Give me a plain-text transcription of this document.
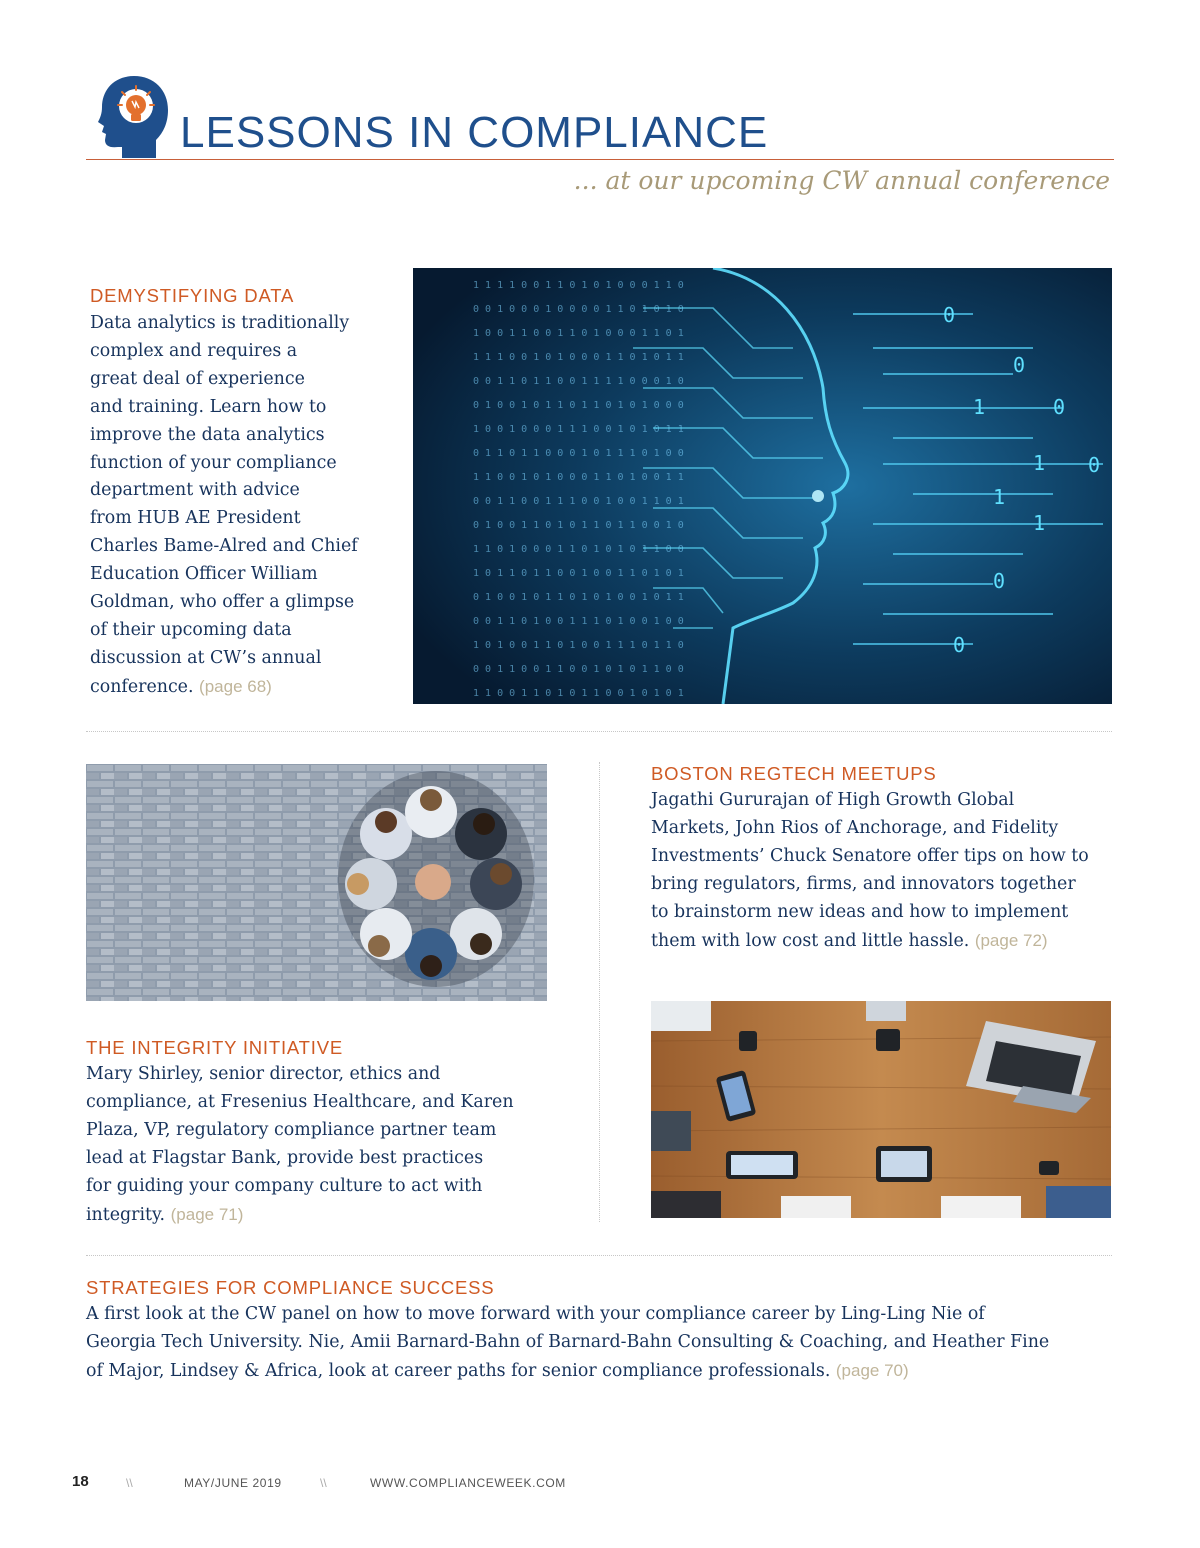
LESSONS IN COMPLIANCE
... at our upcoming CW annual conference
DEMYSTIFYING DATA
Data analytics is traditionally
complex and requires a
great deal of experience
and training. Learn how to
improve the data analytics
function of your compliance
department with advice
from HUB AE President
Charles Bame-Alred and Chief
Education Officer William
Goldman, who offer a glimpse
of their upcoming data
discussion at CW’s annual
conference. (page 68)
1 1 1 1 0 0 1 1 0 1 0 1 0 0 0 1 1 0
0 0 1 0 0 0 1 0 0 0 0 1 1 0 1 0 1 0
1 0 0 1 1 0 0 1 1 0 1 0 0 0 1 1 0 1
1 1 1 0 0 1 0 1 0 0 0 1 1 0 1 0 1 1
0 0 1 1 0 1 1 0 0 1 1 1 1 0 0 0 1 0
0 1 0 0 1 0 1 1 0 1 1 0 1 0 1 0 0 0
1 0 0 1 0 0 0 1 1 1 0 0 1 0 1 0 1 1
0 1 1 0 1 1 0 0 0 1 0 1 1 1 0 1 0 0
1 1 0 0 1 0 1 0 0 0 1 1 0 1 0 0 1 1
0 0 1 1 0 0 1 1 1 0 0 1 0 0 1 1 0 1
0 1 0 0 1 1 0 1 0 1 1 0 1 1 0 0 1 0
1 1 0 1 0 0 0 1 1 0 1 0 1 0 1 1 0 0
1 0 1 1 0 1 1 0 0 1 0 0 1 1 0 1 0 1
0 1 0 0 1 0 1 1 0 1 0 1 0 0 1 0 1 1
0 0 1 1 0 1 0 0 1 1 1 0 1 0 0 1 0 0
1 0 1 0 0 1 1 0 1 0 0 1 1 1 0 1 1 0
0 0 1 1 0 0 1 1 0 0 1 0 1 0 1 1 0 0
1 1 0 0 1 1 0 1 0 1 1 0 0 1 0 1 0 1
0
0
1	0
1 0
1
1
0
0
THE INTEGRITY INITIATIVE
Mary Shirley, senior director, ethics and
compliance, at Fresenius Healthcare, and Karen
Plaza, VP, regulatory compliance partner team
lead at Flagstar Bank, provide best practices
for guiding your company culture to act with
integrity. (page 71)
BOSTON REGTECH MEETUPS
Jagathi Gururajan of High Growth Global
Markets, John Rios of Anchorage, and Fidelity
Investments’ Chuck Senatore offer tips on how to
bring regulators, firms, and innovators together
to brainstorm new ideas and how to implement
them with low cost and little hassle. (page 72)
STRATEGIES FOR COMPLIANCE SUCCESS
A first look at the CW panel on how to move forward with your compliance career by Ling-Ling Nie of
Georgia Tech University. Nie, Amii Barnard-Bahn of Barnard-Bahn Consulting & Coaching, and Heather Fine
of Major, Lindsey & Africa, look at career paths for senior compliance professionals. (page 70)
18	\\	MAY/JUNE 2019	\\	WWW.COMPLIANCEWEEK.COM
